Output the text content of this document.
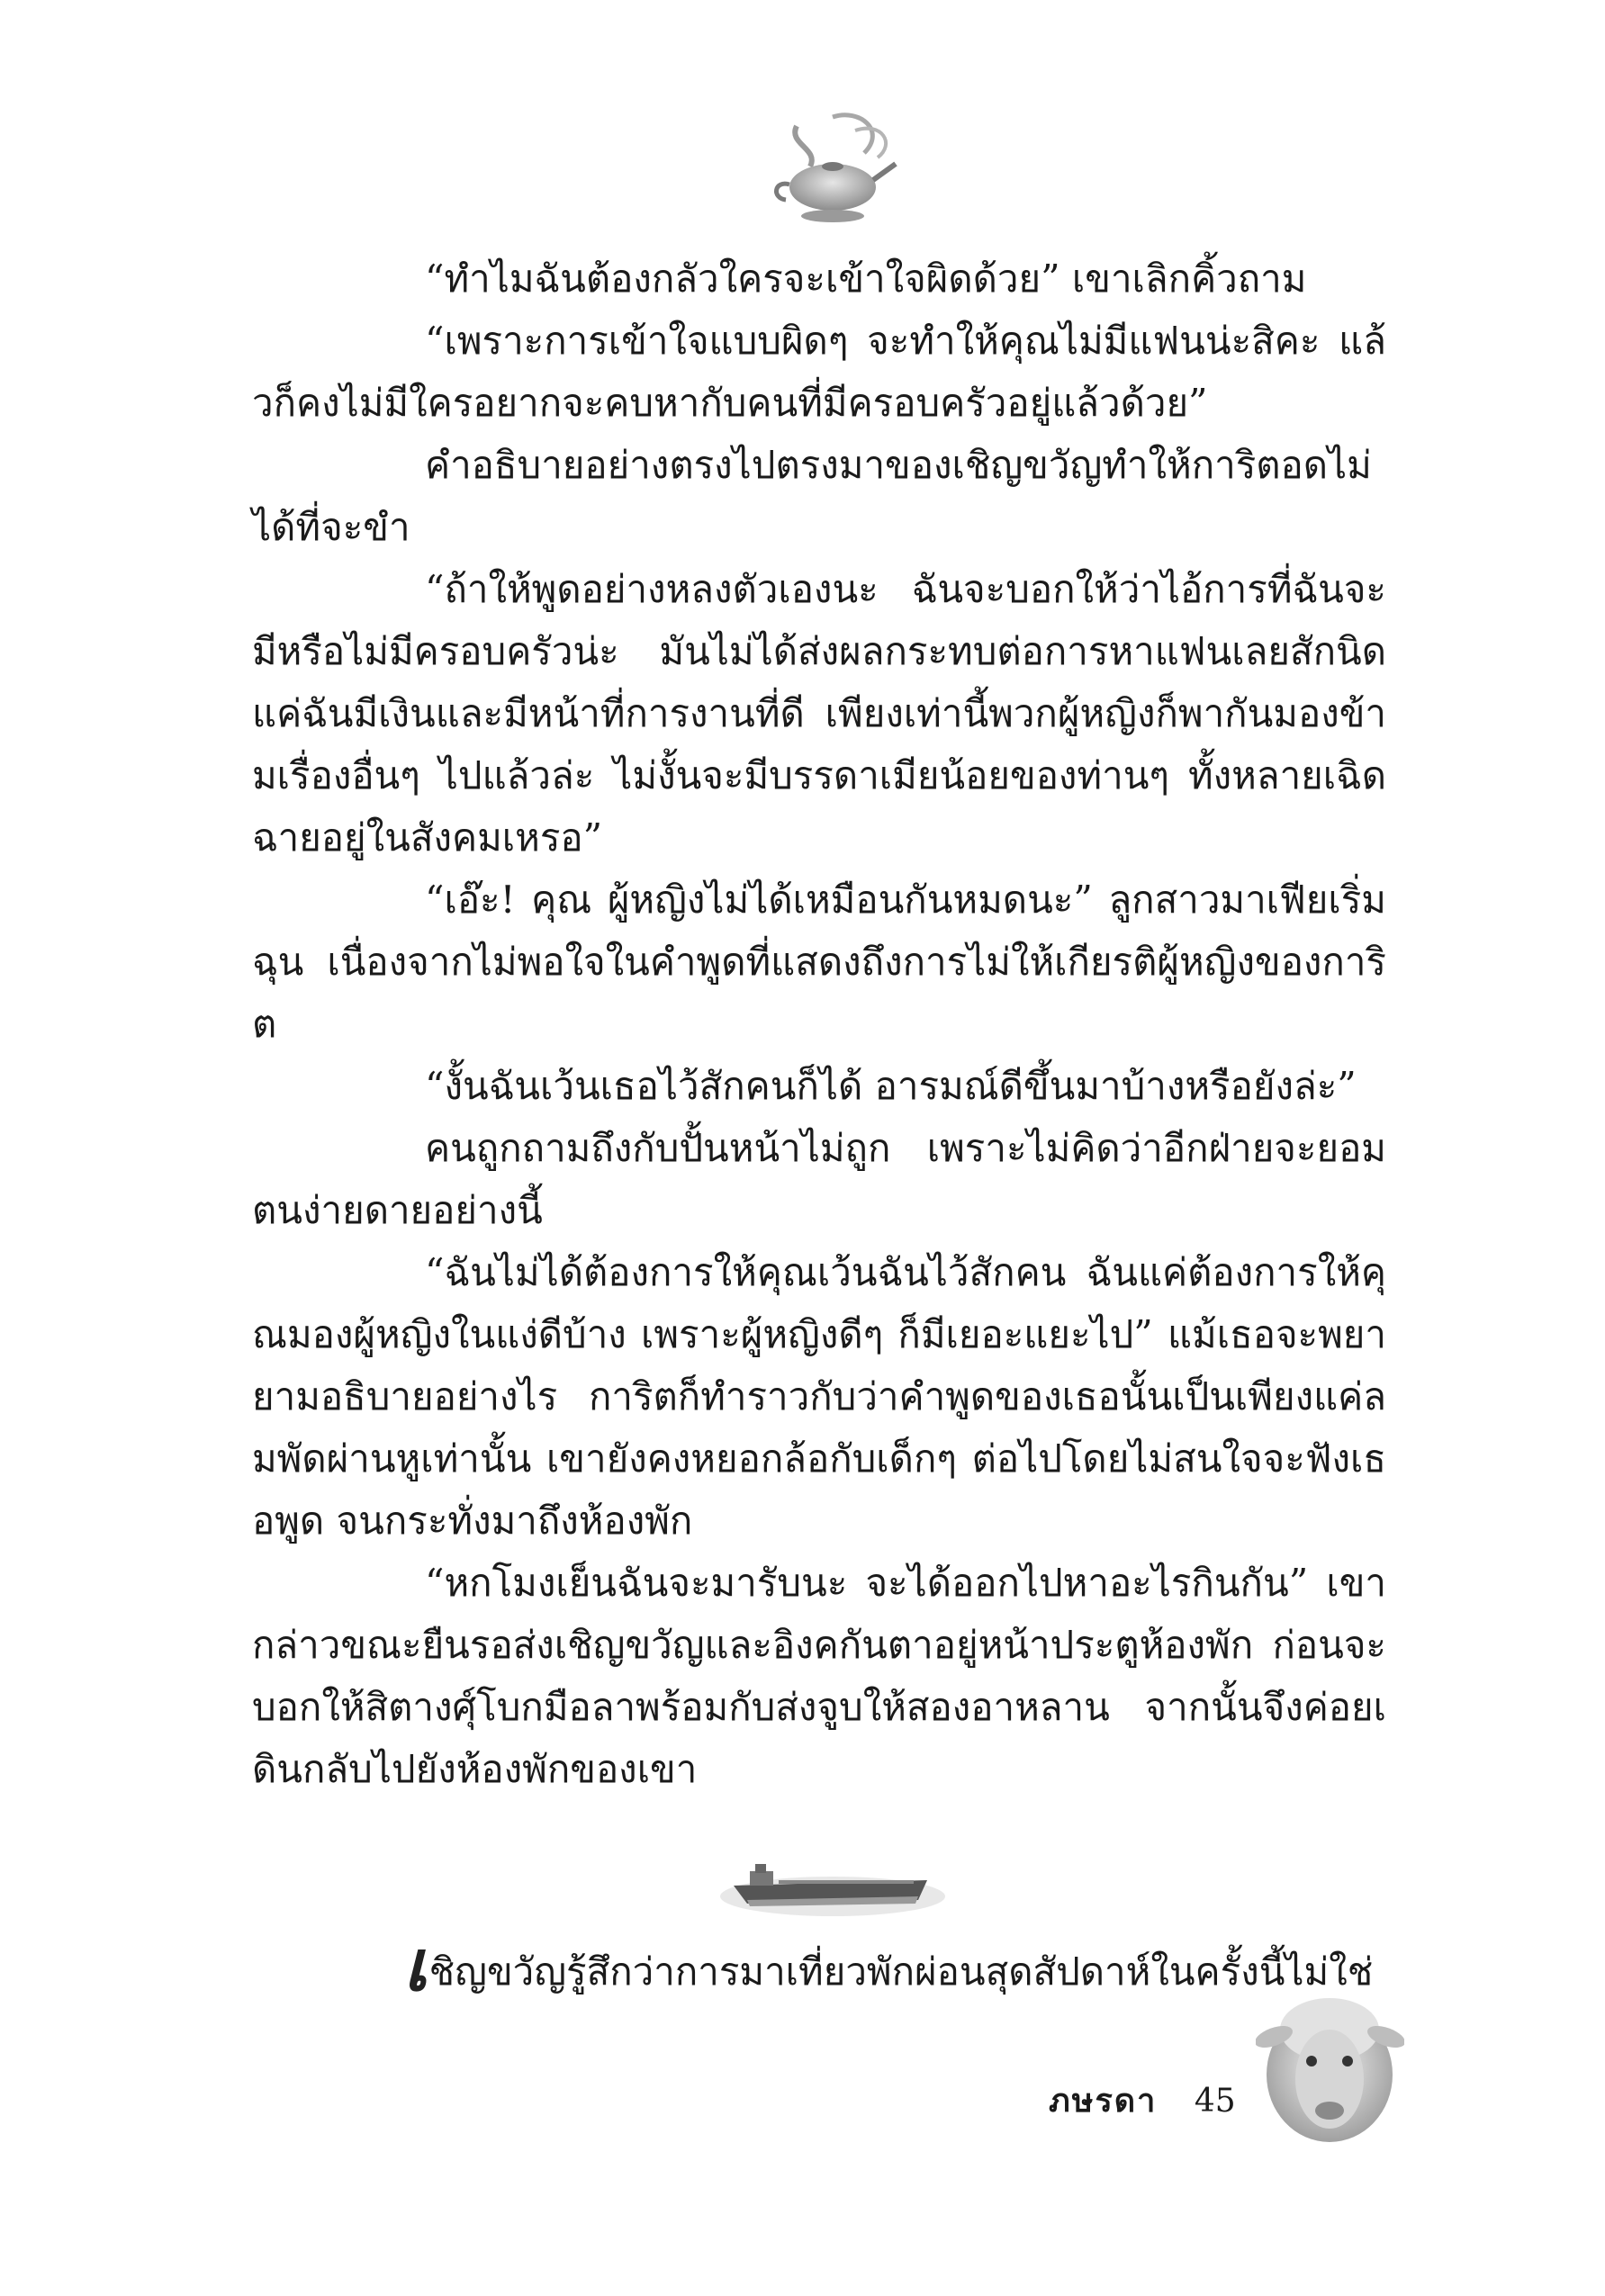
“ทำไมฉันต้องกลัวใครจะเข้าใจผิดด้วย” เขาเลิกคิ้วถาม

“เพราะการเข้าใจแบบผิดๆ จะทำให้คุณไม่มีแฟนน่ะสิคะ แล้วก็คงไม่มีใครอยากจะคบหากับคนที่มีครอบครัวอยู่แล้วด้วย”

คำอธิบายอย่างตรงไปตรงมาของเชิญขวัญทำให้การิตอดไม่ได้ที่จะขำ

“ถ้าให้พูดอย่างหลงตัวเองนะ ฉันจะบอกให้ว่าไอ้การที่ฉันจะมีหรือไม่มีครอบครัวน่ะ มันไม่ได้ส่งผลกระทบต่อการหาแฟนเลยสักนิด แค่ฉันมีเงินและมีหน้าที่การงานที่ดี เพียงเท่านี้พวกผู้หญิงก็พากันมองข้ามเรื่องอื่นๆ ไปแล้วล่ะ ไม่งั้นจะมีบรรดาเมียน้อยของท่านๆ ทั้งหลายเฉิดฉายอยู่ในสังคมเหรอ”

“เอ๊ะ! คุณ ผู้หญิงไม่ได้เหมือนกันหมดนะ” ลูกสาวมาเฟียเริ่มฉุน เนื่องจากไม่พอใจในคำพูดที่แสดงถึงการไม่ให้เกียรติผู้หญิงของการิต

“งั้นฉันเว้นเธอไว้สักคนก็ได้ อารมณ์ดีขึ้นมาบ้างหรือยังล่ะ”

คนถูกถามถึงกับปั้นหน้าไม่ถูก เพราะไม่คิดว่าอีกฝ่ายจะยอมตนง่ายดายอย่างนี้

“ฉันไม่ได้ต้องการให้คุณเว้นฉันไว้สักคน ฉันแค่ต้องการให้คุณมองผู้หญิงในแง่ดีบ้าง เพราะผู้หญิงดีๆ ก็มีเยอะแยะไป” แม้เธอจะพยายามอธิบายอย่างไร การิตก็ทำราวกับว่าคำพูดของเธอนั้นเป็นเพียงแค่ลมพัดผ่านหูเท่านั้น เขายังคงหยอกล้อกับเด็กๆ ต่อไปโดยไม่สนใจจะฟังเธอพูด จนกระทั่งมาถึงห้องพัก

“หกโมงเย็นฉันจะมารับนะ จะได้ออกไปหาอะไรกินกัน” เขากล่าวขณะยืนรอส่งเชิญขวัญและอิงคกันตาอยู่หน้าประตูห้องพัก ก่อนจะบอกให้สิตางศุ์โบกมือลาพร้อมกับส่งจูบให้สองอาหลาน จากนั้นจึงค่อยเดินกลับไปยังห้องพักของเขา

เชิญขวัญรู้สึกว่าการมาเที่ยวพักผ่อนสุดสัปดาห์ในครั้งนี้ไม่ใช่
ภษรดา 45
